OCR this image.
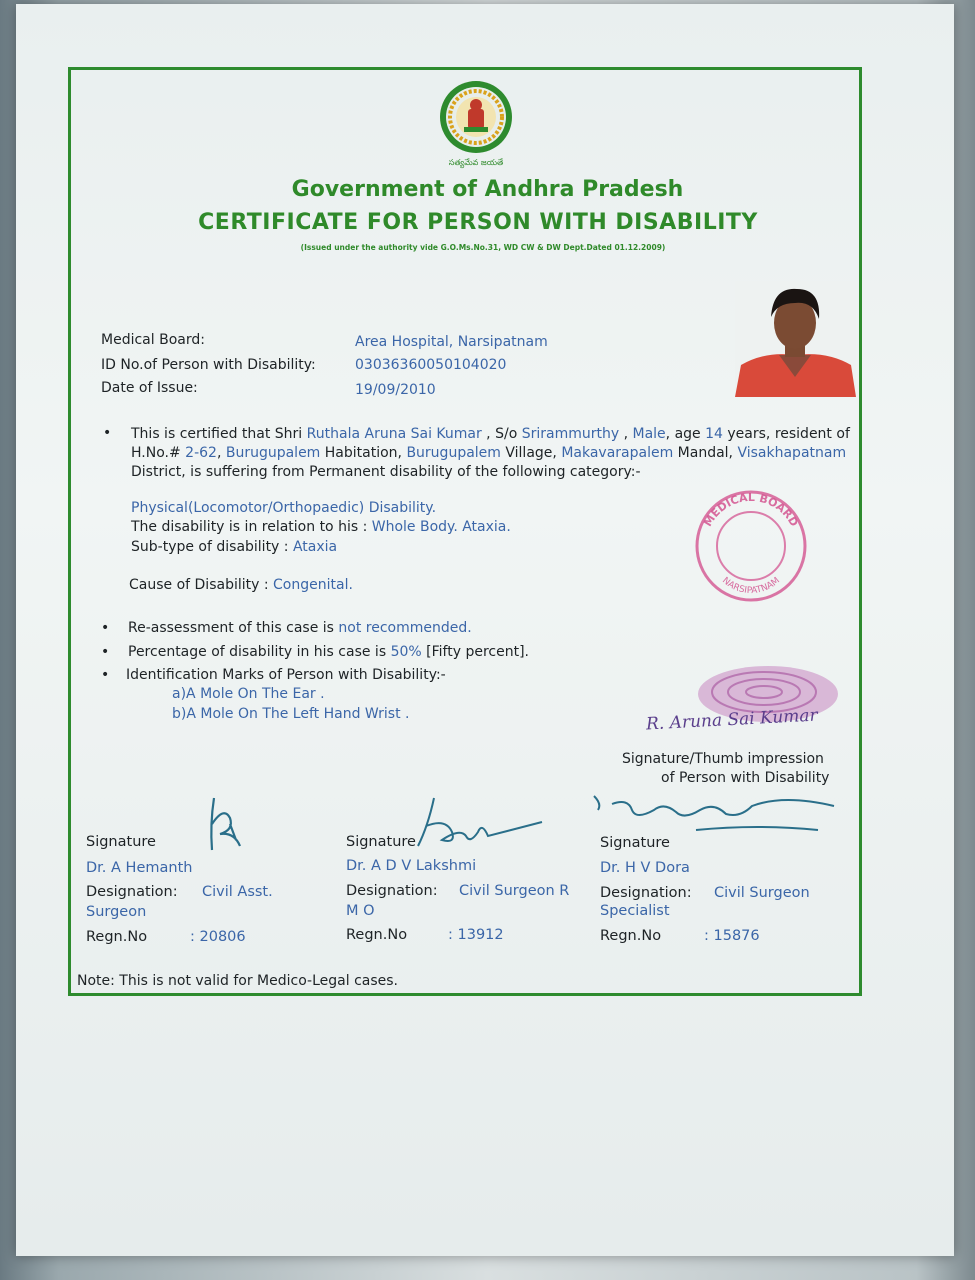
సత్యమేవ జయతే
Government of Andhra Pradesh
CERTIFICATE FOR PERSON WITH DISABILITY
(Issued under the authority vide G.O.Ms.No.31, WD CW & DW Dept.Dated 01.12.2009)
Medical Board:	Area Hospital, Narsipatnam
ID No.of Person with Disability:	03036360050104020
Date of Issue:	19/09/2010
• This is certified that Shri Ruthala Aruna Sai Kumar , S/o Srirammurthy , Male, age 14 years, resident of H.No.# 2-62, Burugupalem Habitation, Burugupalem Village, Makavarapalem Mandal, Visakhapatnam District, is suffering from Permanent disability of the following category:-
Physical(Locomotor/Orthopaedic) Disability.
The disability is in relation to his : Whole Body. Ataxia.
Sub-type of disability : Ataxia
Cause of Disability : Congenital.
MEDICAL BOARD
NARSIPATNAM
• Re-assessment of this case is not recommended.
• Percentage of disability in his case is 50% [Fifty percent].
• Identification Marks of Person with Disability:-
a)A Mole On The Ear .
b)A Mole On The Left Hand Wrist .	R. Aruna Sai Kumar
Signature/Thumb impression
of Person with Disability
Signature
Dr. A Hemanth
Designation: Civil Asst.
Surgeon
Regn.No	: 20806
Signature
Dr. A D V Lakshmi
Designation: Civil Surgeon R
M O
Regn.No	: 13912
Signature
Dr. H V Dora
Designation: Civil Surgeon
Specialist
Regn.No	: 15876
Note: This is not valid for Medico-Legal cases.
